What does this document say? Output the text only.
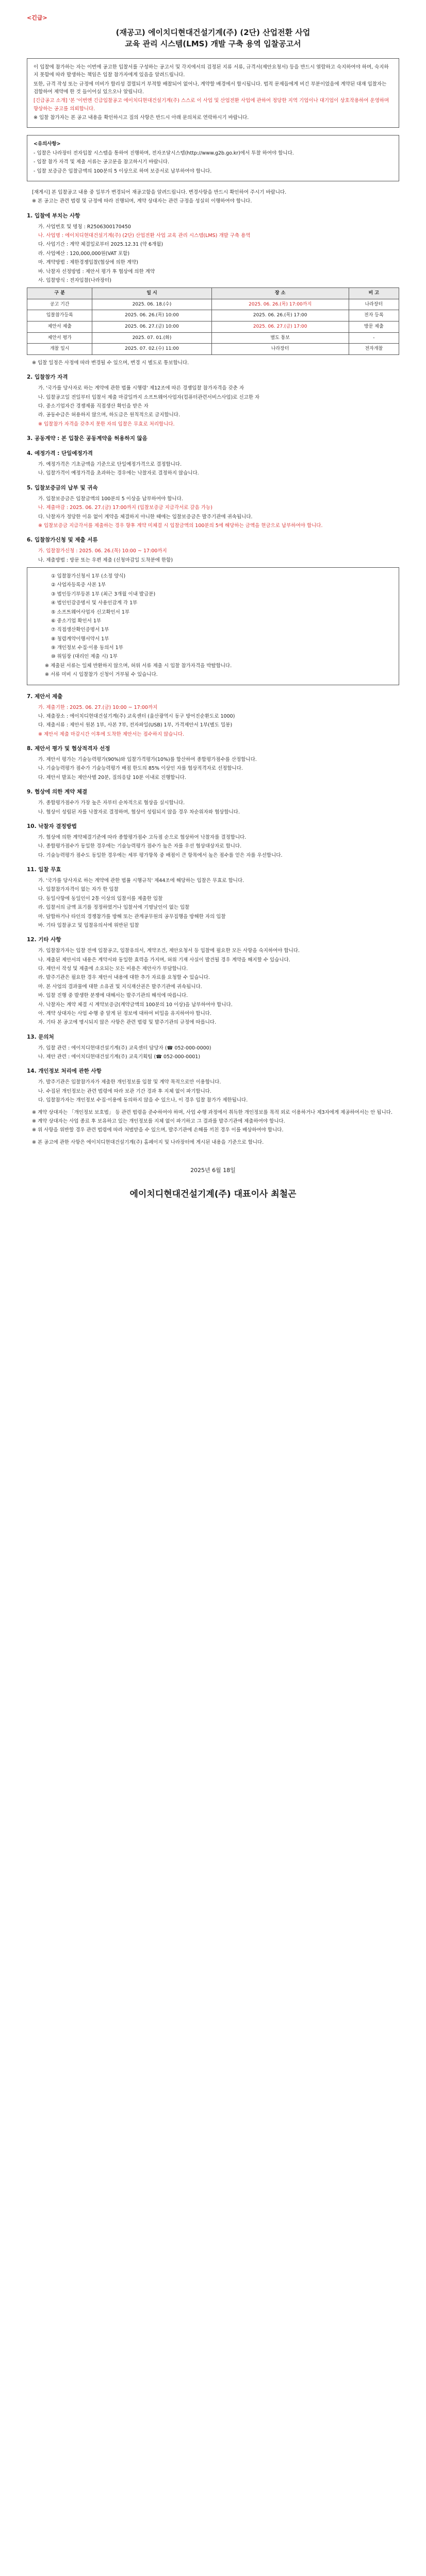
<긴급>
(재공고) 에이치디현대건설기계(주) (2단) 산업전환 사업
교육 관리 시스템(LMS) 개발 구축 용역 입찰공고서

이 입찰에 참가하는 자는 이번에 공고한 입찰서를 구성하는 공고서 및 각지에서의 검정된 지류 서류, 규격서(제안요청서) 등을 반드시 열람하고 숙지하여야 하며, 숙지하지 못함에 따라 발생하는 책임은 입찰 참가자에게 있음을 알려드립니다.

또한, 규격 작성 또는 규정에 미비가 합리성 결렬되거 부적합 배찰되어 없어나, 계약할 배경에서 합시됩니다. 법적 문제들에게 비긴 부분이었음에 계약된 대재 입찰자는 검합하여 제약에 한 것 들이어실 있으오나 알립니다.

[긴급공고 소개] '본 '이번엔 긴급입찰공고 에이치디현대건설기계(주) 스스로 이 사업 및 산업전환 사업에 관하여 정당한 지역 기업이나 대기업이 상호작용하여 운영하며 향상하는 공고를 의뢰합니다.

※ 입찰 참가자는 본 공고 내용을 확인하시고 질의 사항은 반드시 아래 문의처로 연락하시기 바랍니다.

<유의사항>

- 입찰은 나라장터 전자입찰 시스템을 통하여 진행하며, 전자조달시스템(http://www.g2b.go.kr)에서 투찰 하여야 합니다.

- 입찰 참가 자격 및 제출 서류는 공고문을 참고하시기 바랍니다.

- 입찰 보증금은 입찰금액의 100분의 5 이상으로 하며 보증서로 납부하여야 합니다.

[재게시] 본 입찰공고 내용 중 일부가 변경되어 재공고함을 알려드립니다. 변경사항을 반드시 확인하여 주시기 바랍니다.

※ 본 공고는 관련 법령 및 규정에 따라 진행되며, 계약 상대자는 관련 규정을 성실히 이행하여야 합니다.

1. 입찰에 부치는 사항

가. 사업번호 및 명칭 : R2506300170450

나. 사업명 : 에이치디현대건설기계(주) (2단) 산업전환 사업 교육 관리 시스템(LMS) 개발 구축 용역

다. 사업기간 : 계약 체결일로부터 2025.12.31 (약 6개월)

라. 사업예산 : 120,000,000원(VAT 포함)

마. 계약방법 : 제한경쟁입찰(협상에 의한 계약)

바. 낙찰자 선정방법 : 제안서 평가 후 협상에 의한 계약

사. 입찰방식 : 전자입찰(나라장터)

구 분	일 시	장 소	비 고
공고 기간	2025. 06. 18.(수)	2025. 06. 26.(목) 17:00까지	나라장터
입찰참가등록	2025. 06. 26.(목) 10:00	2025. 06. 26.(목) 17:00	전자 등록
제안서 제출	2025. 06. 27.(금) 10:00	2025. 06. 27.(금) 17:00	방문 제출
제안서 평가	2025. 07. 01.(화)	별도 통보	-
개찰 일시	2025. 07. 02.(수) 11:00	나라장터	전자개찰

※ 입찰 일정은 사정에 따라 변경될 수 있으며, 변경 시 별도로 통보합니다.

2. 입찰참가 자격

가. '국가를 당사자로 하는 계약에 관한 법률 시행령' 제12조에 따른 경쟁입찰 참가자격을 갖춘 자

나. 입찰공고일 전일부터 입찰서 제출 마감일까지 소프트웨어사업자(컴퓨터관련서비스사업)로 신고한 자

다. 중소기업자간 경쟁제품 직접생산 확인을 받은 자

라. 공동수급은 허용하지 않으며, 하도급은 원칙적으로 금지합니다.

※ 입찰참가 자격을 갖추지 못한 자의 입찰은 무효로 처리합니다.

3. 공동계약 : 본 입찰은 공동계약을 허용하지 않음
4. 예정가격 : 단일예정가격

가. 예정가격은 기초금액을 기준으로 단일예정가격으로 결정합니다.

나. 입찰가격이 예정가격을 초과하는 경우에는 낙찰자로 결정하지 않습니다.

5. 입찰보증금의 납부 및 귀속

가. 입찰보증금은 입찰금액의 100분의 5 이상을 납부하여야 합니다.

나. 제출마감 : 2025. 06. 27.(금) 17:00까지 (입찰보증금 지급각서로 갈음 가능)

다. 낙찰자가 정당한 이유 없이 계약을 체결하지 아니한 때에는 입찰보증금은 발주기관에 귀속됩니다.

※ 입찰보증금 지급각서를 제출하는 경우 향후 계약 미체결 시 입찰금액의 100분의 5에 해당하는 금액을 현금으로 납부하여야 합니다.

6. 입찰참가신청 및 제출 서류

가. 입찰참가신청 : 2025. 06. 26.(목) 10:00 ~ 17:00까지

나. 제출방법 : 방문 또는 우편 제출 (신청마감일 도착분에 한함)

① 입찰참가신청서 1부 (소정 양식)

② 사업자등록증 사본 1부

③ 법인등기부등본 1부 (최근 3개월 이내 발급분)

④ 법인인감증명서 및 사용인감계 각 1부

⑤ 소프트웨어사업자 신고확인서 1부

⑥ 중소기업 확인서 1부

⑦ 직접생산확인증명서 1부

⑧ 청렴계약이행서약서 1부

⑨ 개인정보 수집·이용 동의서 1부

⑩ 위임장 (대리인 제출 시) 1부

※ 제출된 서류는 일체 반환하지 않으며, 허위 서류 제출 시 입찰 참가자격을 박탈합니다.

※ 서류 미비 시 입찰참가 신청이 거부될 수 있습니다.

7. 제안서 제출

가. 제출기한 : 2025. 06. 27.(금) 10:00 ~ 17:00까지

나. 제출장소 : 에이치디현대건설기계(주) 교육센터 (울산광역시 동구 방어진순환도로 1000)

다. 제출서류 : 제안서 원본 1부, 사본 7부, 전자파일(USB) 1부, 가격제안서 1부(별도 밀봉)

※ 제안서 제출 마감시간 이후에 도착한 제안서는 접수하지 않습니다.

8. 제안서 평가 및 협상적격자 선정

가. 제안서 평가는 기술능력평가(90%)와 입찰가격평가(10%)를 합산하여 종합평가점수를 산정합니다.

나. 기술능력평가 점수가 기술능력평가 배점 한도의 85% 이상인 자를 협상적격자로 선정합니다.

다. 제안서 발표는 제안사별 20분, 질의응답 10분 이내로 진행합니다.

9. 협상에 의한 계약 체결

가. 종합평가점수가 가장 높은 자부터 순차적으로 협상을 실시합니다.

나. 협상이 성립된 자를 낙찰자로 결정하며, 협상이 성립되지 않을 경우 차순위자와 협상합니다.

10. 낙찰자 결정방법

가. 협상에 의한 계약체결기준에 따라 종합평가점수 고득점 순으로 협상하여 낙찰자를 결정합니다.

나. 종합평가점수가 동일한 경우에는 기술능력평가 점수가 높은 자를 우선 협상대상자로 합니다.

다. 기술능력평가 점수도 동일한 경우에는 세부 평가항목 중 배점이 큰 항목에서 높은 점수를 얻은 자를 우선합니다.

11. 입찰 무효

가. '국가를 당사자로 하는 계약에 관한 법률 시행규칙' 제44조에 해당하는 입찰은 무효로 합니다.

나. 입찰참가자격이 없는 자가 한 입찰

다. 동일사항에 동일인이 2통 이상의 입찰서를 제출한 입찰

라. 입찰서의 금액 표기를 정정하였거나 입찰서에 기명날인이 없는 입찰

마. 담합하거나 타인의 경쟁참가를 방해 또는 관계공무원의 공무집행을 방해한 자의 입찰

바. 기타 입찰공고 및 입찰유의서에 위반된 입찰

12. 기타 사항

가. 입찰참가자는 입찰 전에 입찰공고, 입찰유의서, 계약조건, 제안요청서 등 입찰에 필요한 모든 사항을 숙지하여야 합니다.

나. 제출된 제안서의 내용은 계약서와 동일한 효력을 가지며, 허위 기재 사실이 발견될 경우 계약을 해지할 수 있습니다.

다. 제안서 작성 및 제출에 소요되는 모든 비용은 제안사가 부담합니다.

라. 발주기관은 필요한 경우 제안서 내용에 대한 추가 자료를 요청할 수 있습니다.

마. 본 사업의 결과물에 대한 소유권 및 지식재산권은 발주기관에 귀속됩니다.

바. 입찰 진행 중 발생한 분쟁에 대해서는 발주기관의 해석에 따릅니다.

사. 낙찰자는 계약 체결 시 계약보증금(계약금액의 100분의 10 이상)을 납부하여야 합니다.

아. 계약 상대자는 사업 수행 중 알게 된 정보에 대하여 비밀을 유지하여야 합니다.

자. 기타 본 공고에 명시되지 않은 사항은 관련 법령 및 발주기관의 규정에 따릅니다.

13. 문의처

가. 입찰 관련 : 에이치디현대건설기계(주) 교육센터 담당자 (☎ 052-000-0000)

나. 제안 관련 : 에이치디현대건설기계(주) 교육기획팀 (☎ 052-000-0001)

14. 개인정보 처리에 관한 사항

가. 발주기관은 입찰참가자가 제출한 개인정보를 입찰 및 계약 목적으로만 이용합니다.

나. 수집된 개인정보는 관련 법령에 따라 보관 기간 경과 후 지체 없이 파기합니다.

다. 입찰참가자는 개인정보 수집·이용에 동의하지 않을 수 있으나, 이 경우 입찰 참가가 제한됩니다.

※ 계약 상대자는 「개인정보 보호법」 등 관련 법령을 준수하여야 하며, 사업 수행 과정에서 취득한 개인정보를 목적 외로 이용하거나 제3자에게 제공하여서는 안 됩니다.

※ 계약 상대자는 사업 종료 후 보유하고 있는 개인정보를 지체 없이 파기하고 그 결과를 발주기관에 제출하여야 합니다.

※ 위 사항을 위반할 경우 관련 법령에 따라 처벌받을 수 있으며, 발주기관에 손해를 끼친 경우 이를 배상하여야 합니다.

※ 본 공고에 관한 사항은 에이치디현대건설기계(주) 홈페이지 및 나라장터에 게시된 내용을 기준으로 합니다.

2025년 6월 18일
에이치디현대건설기계(주) 대표이사 최철곤
